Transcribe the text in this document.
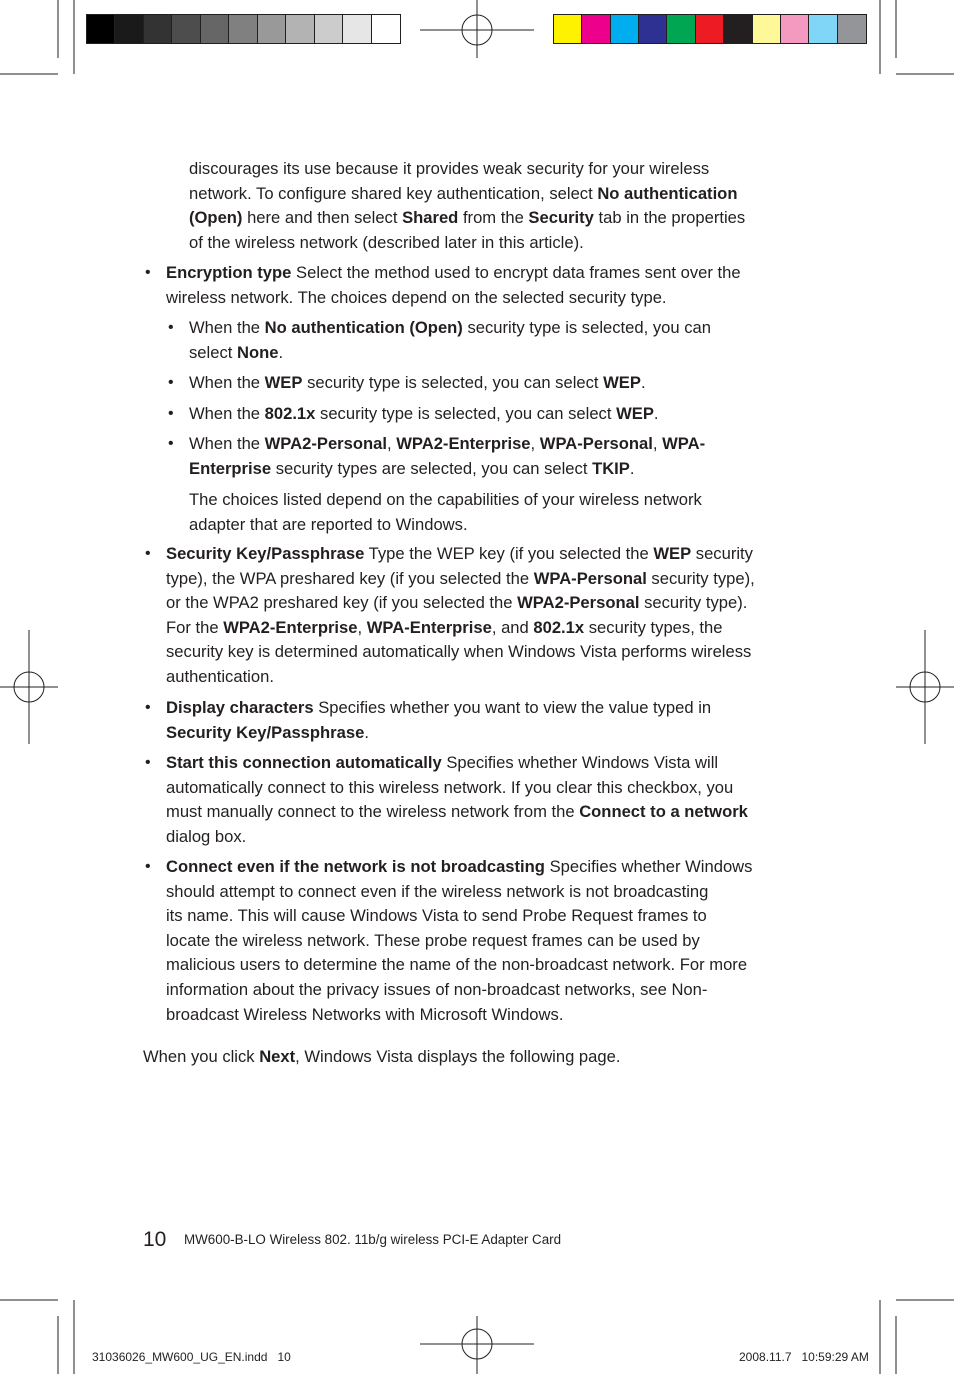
discourages its use because it provides weak security for your wireless
network. To configure shared key authentication, select No authentication
(Open) here and then select Shared from the Security tab in the properties
of the wireless network (described later in this article).
• Encryption type Select the method used to encrypt data frames sent over the
wireless network. The choices depend on the selected security type.
• When the No authentication (Open) security type is selected, you can
select None.
• When the WEP security type is selected, you can select WEP.
• When the 802.1x security type is selected, you can select WEP.
• When the WPA2-Personal, WPA2-Enterprise, WPA-Personal, WPA-
Enterprise security types are selected, you can select TKIP.
The choices listed depend on the capabilities of your wireless network
adapter that are reported to Windows.
• Security Key/Passphrase Type the WEP key (if you selected the WEP security
type), the WPA preshared key (if you selected the WPA-Personal security type),
or the WPA2 preshared key (if you selected the WPA2-Personal security type).
For the WPA2-Enterprise, WPA-Enterprise, and 802.1x security types, the
security key is determined automatically when Windows Vista performs wireless
authentication.
• Display characters Specifies whether you want to view the value typed in
Security Key/Passphrase.
• Start this connection automatically Specifies whether Windows Vista will
automatically connect to this wireless network. If you clear this checkbox, you
must manually connect to the wireless network from the Connect to a network
dialog box.
• Connect even if the network is not broadcasting Specifies whether Windows
should attempt to connect even if the wireless network is not broadcasting
its name. This will cause Windows Vista to send Probe Request frames to
locate the wireless network. These probe request frames can be used by
malicious users to determine the name of the non-broadcast network. For more
information about the privacy issues of non-broadcast networks, see Non-
broadcast Wireless Networks with Microsoft Windows.
When you click Next, Windows Vista displays the following page.
10 MW600-B-LO Wireless 802. 11b/g wireless PCI-E Adapter Card
31036026_MW600_UG_EN.indd   10	2008.11.7   10:59:29 AM
